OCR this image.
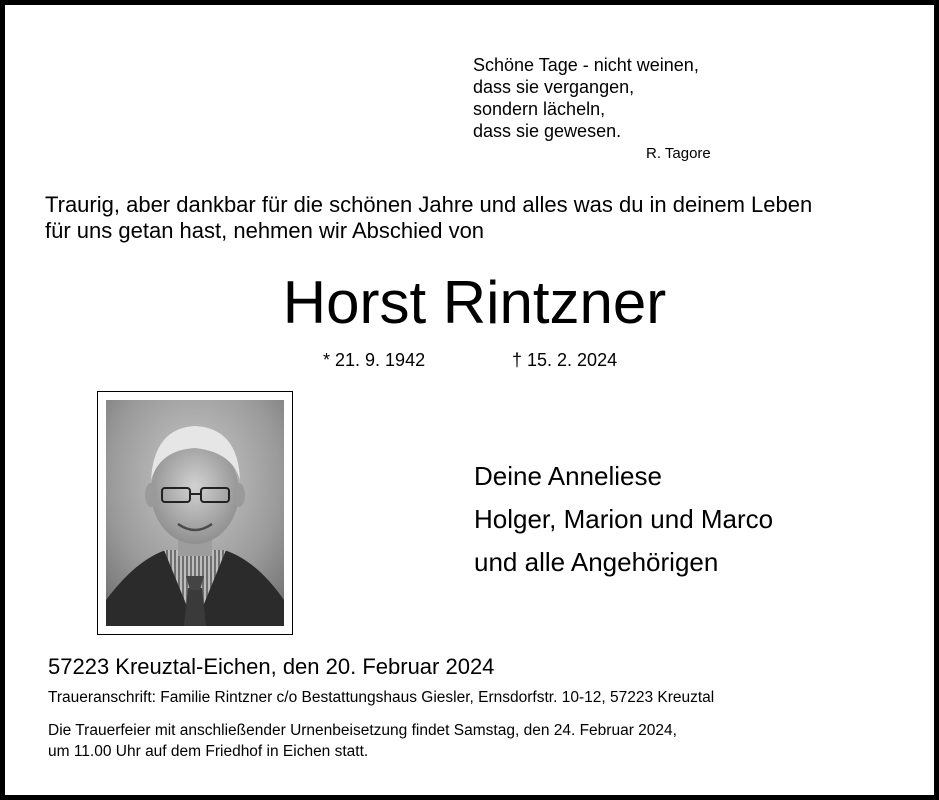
Schöne Tage - nicht weinen,
dass sie vergangen,
sondern lächeln,
dass sie gewesen.
R. Tagore
Traurig, aber dankbar für die schönen Jahre und alles was du in deinem Leben
für uns getan hast, nehmen wir Abschied von
Horst Rintzner
* 21. 9. 1942	† 15. 2. 2024
Deine Anneliese
Holger, Marion und Marco
und alle Angehörigen
57223 Kreuztal-Eichen, den 20. Februar 2024
Traueranschrift: Familie Rintzner c/o Bestattungshaus Giesler, Ernsdorfstr. 10-12, 57223 Kreuztal
Die Trauerfeier mit anschließender Urnenbeisetzung findet Samstag, den 24. Februar 2024,
um 11.00 Uhr auf dem Friedhof in Eichen statt.
